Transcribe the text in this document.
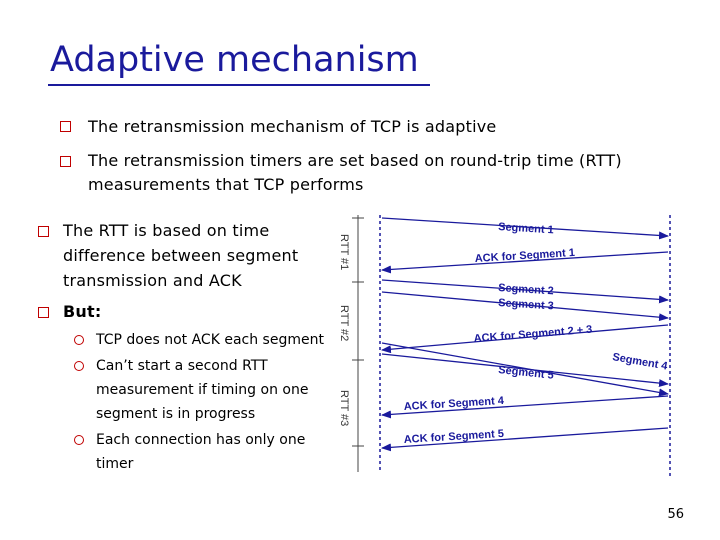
Adaptive mechanism
The retransmission mechanism of TCP is adaptive
The retransmission timers are set based on round-trip time (RTT)
measurements that TCP performs
The RTT is based on time
difference between segment
transmission and ACK
But:
TCP does not ACK each segment
Can’t start a second RTT
measurement if timing on one
segment is in progress
Each connection has only one
timer
RTT #1
RTT #2
RTT #3
Segment 1
ACK for Segment 1
Segment 2
Segment 3
ACK for Segment 2 + 3
Segment 4
Segment 5
ACK for Segment 4
ACK for Segment 5
56
